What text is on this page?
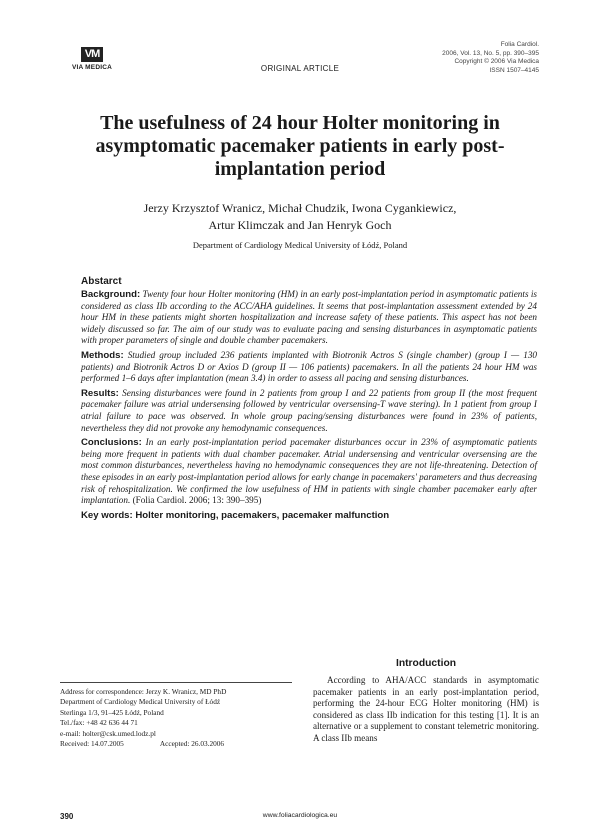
VM
VIA MEDICA	ORIGINAL ARTICLE
Folia Cardiol.
2006, Vol. 13, No. 5, pp. 390–395
Copyright © 2006 Via Medica
ISSN 1507–4145
The usefulness of 24 hour Holter monitoring in asymptomatic pacemaker patients in early post-implantation period
Jerzy Krzysztof Wranicz, Michał Chudzik, Iwona Cygankiewicz,
Artur Klimczak and Jan Henryk Goch
Department of Cardiology Medical University of Łódź, Poland
Abstarct

Background: Twenty four hour Holter monitoring (HM) in an early post-implantation period in asymptomatic patients is considered as class IIb according to the ACC/AHA guidelines. It seems that post-implantation assessment extended by 24 hour HM in these patients might shorten hospitalization and increase safety of these patients. This aspect has not been widely discussed so far. The aim of our study was to evaluate pacing and sensing disturbances in asymptomatic patients with proper parameters of single and double chamber pacemakers.

Methods: Studied group included 236 patients implanted with Biotronik Actros S (single chamber) (group I — 130 patients) and Biotronik Actros D or Axios D (group II — 106 patients) pacemakers. In all the patients 24 hour HM was performed 1–6 days after implantation (mean 3.4) in order to assess all pacing and sensing disturbances.

Results: Sensing disturbances were found in 2 patients from group I and 22 patients from group II (the most frequent pacemaker failure was atrial undersensing followed by ventricular oversensing-T wave stering). In 1 patient from group I atrial failure to pace was observed. In whole group pacing/sensing disturbances were found in 23% of patients, nevertheless they did not provoke any hemodynamic consequences.

Conclusions: In an early post-implantation period pacemaker disturbances occur in 23% of asymptomatic patients being more frequent in patients with dual chamber pacemaker. Atrial undersensing and ventricular oversensing are the most common disturbances, nevertheless having no hemodynamic consequences they are not life-threatening. Detection of these episodes in an early post-implantation period allows for early change in pacemakers' parameters and thus decreasing risk of rehospitalization. We confirmed the low usefulness of HM in patients with single chamber pacemaker early after implantation. (Folia Cardiol. 2006; 13: 390–395)

Key words: Holter monitoring, pacemakers, pacemaker malfunction
Address for correspondence: Jerzy K. Wranicz, MD PhD
Department of Cardiology Medical University of Łódź
Sterlinga 1/3, 91–425 Łódź, Poland
Tel./fax: +48 42 636 44 71
e-mail: holter@csk.umed.lodz.pl
Received: 14.07.2005	Accepted: 26.03.2006
Introduction

According to AHA/ACC standards in asymptomatic pacemaker patients in an early post-implantation period, performing the 24-hour ECG Holter monitoring (HM) is considered as class IIb indication for this testing [1]. It is an alternative or a supplement to constant telemetric monitoring. A class IIb means

390	www.foliacardiologica.eu
